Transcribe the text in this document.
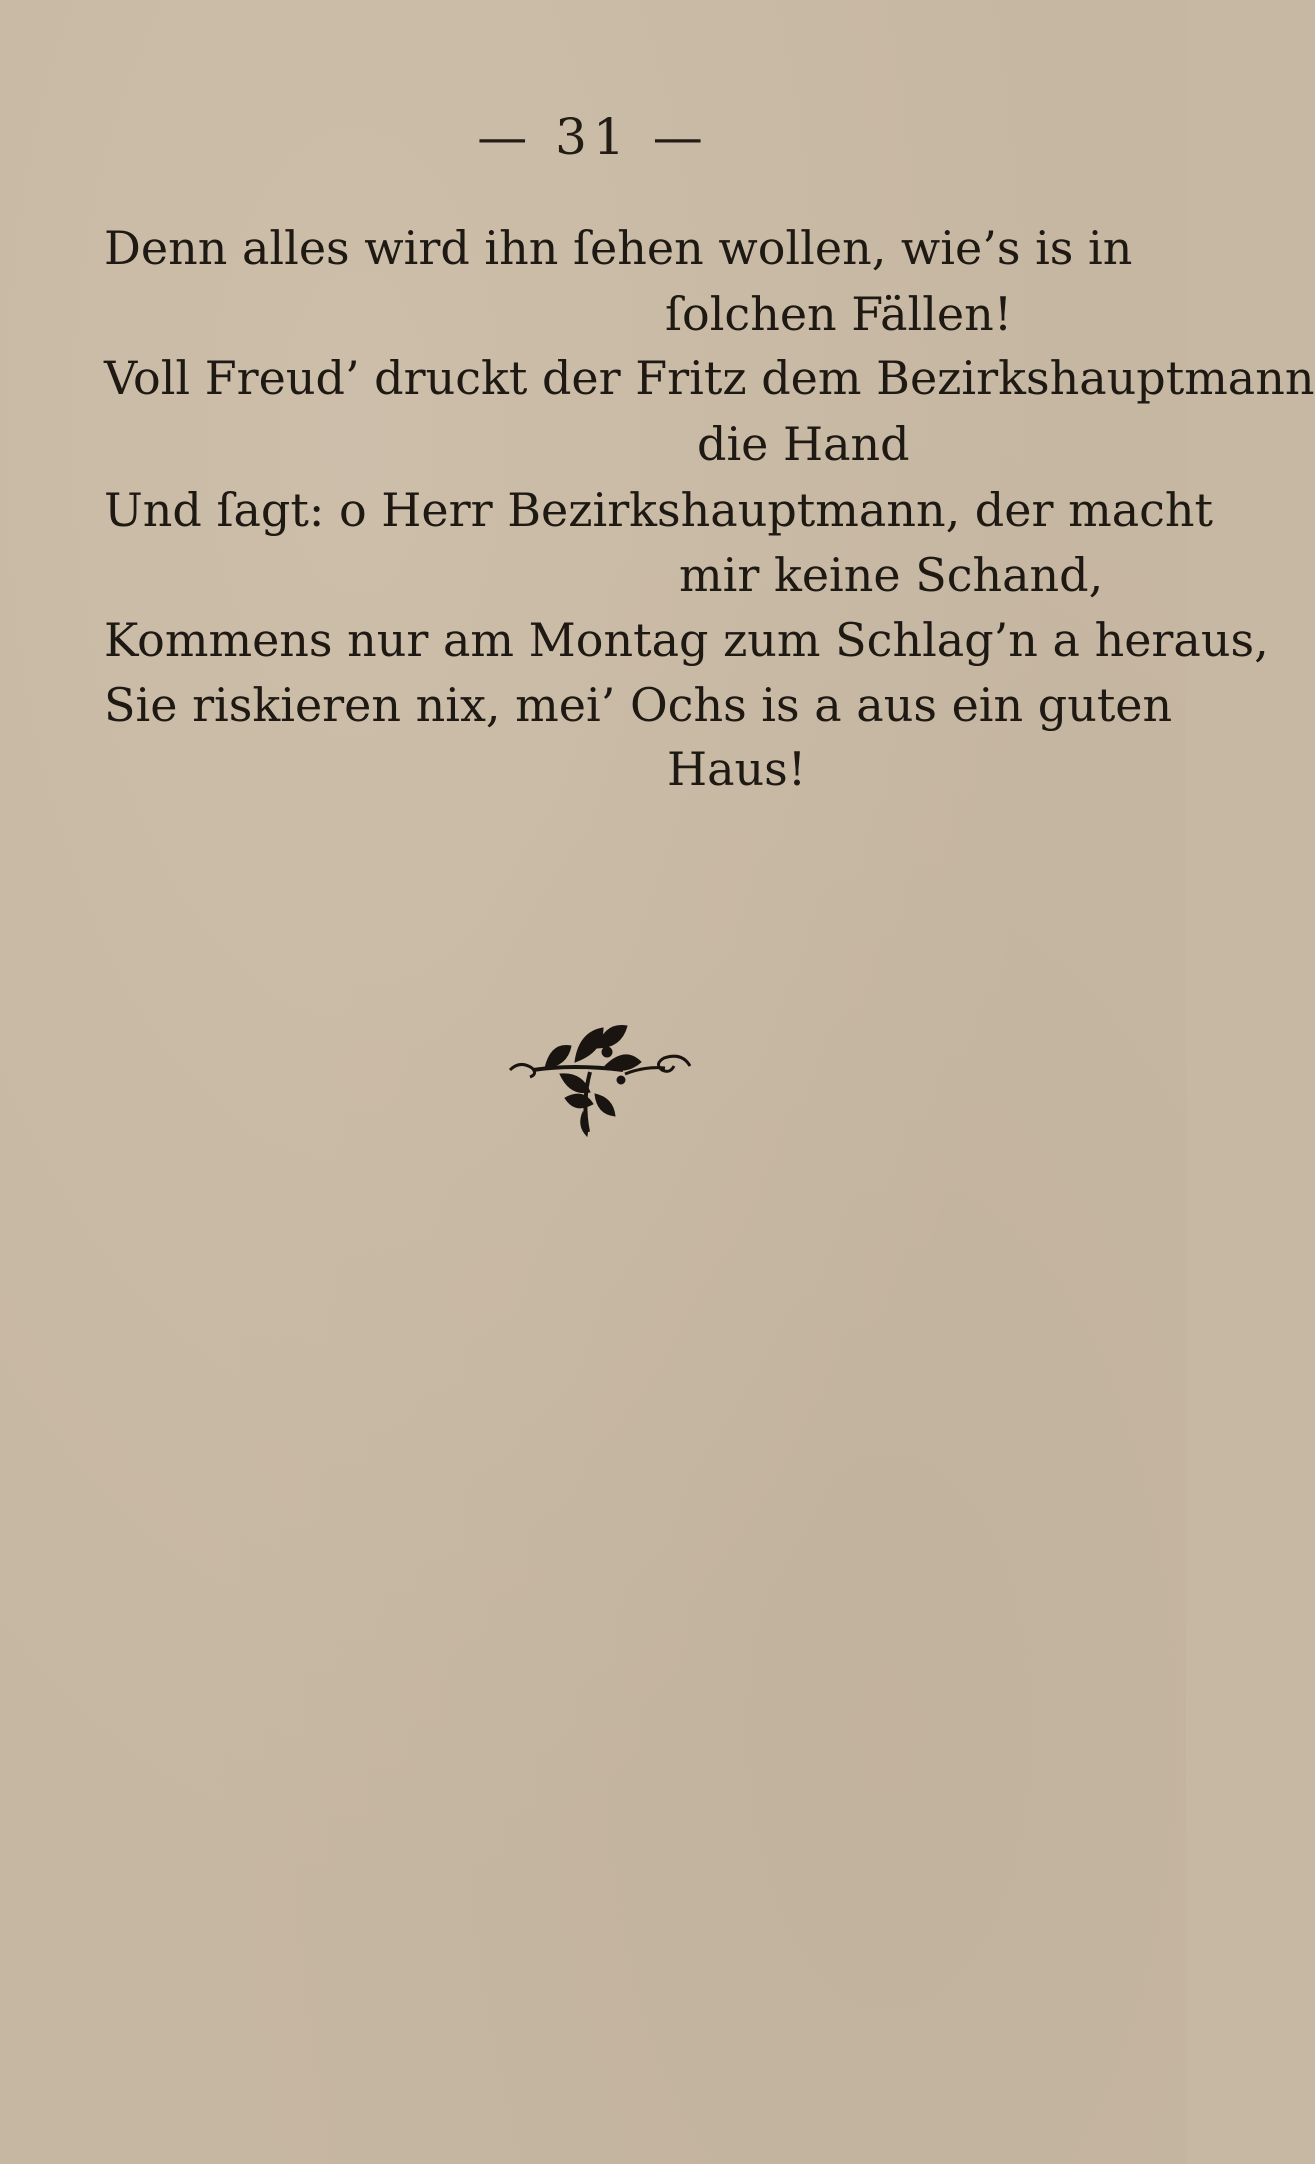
— 31 —
Denn alles wird ihn ſehen wollen, wie’s is in
ſolchen Fällen!
Voll Freud’ druckt der Fritz dem Bezirkshauptmann
die Hand
Und ſagt: o Herr Bezirkshauptmann, der macht
mir keine Schand,
Kommens nur am Montag zum Schlag’n a heraus,
Sie riskieren nix, mei’ Ochs is a aus ein guten
Haus!
